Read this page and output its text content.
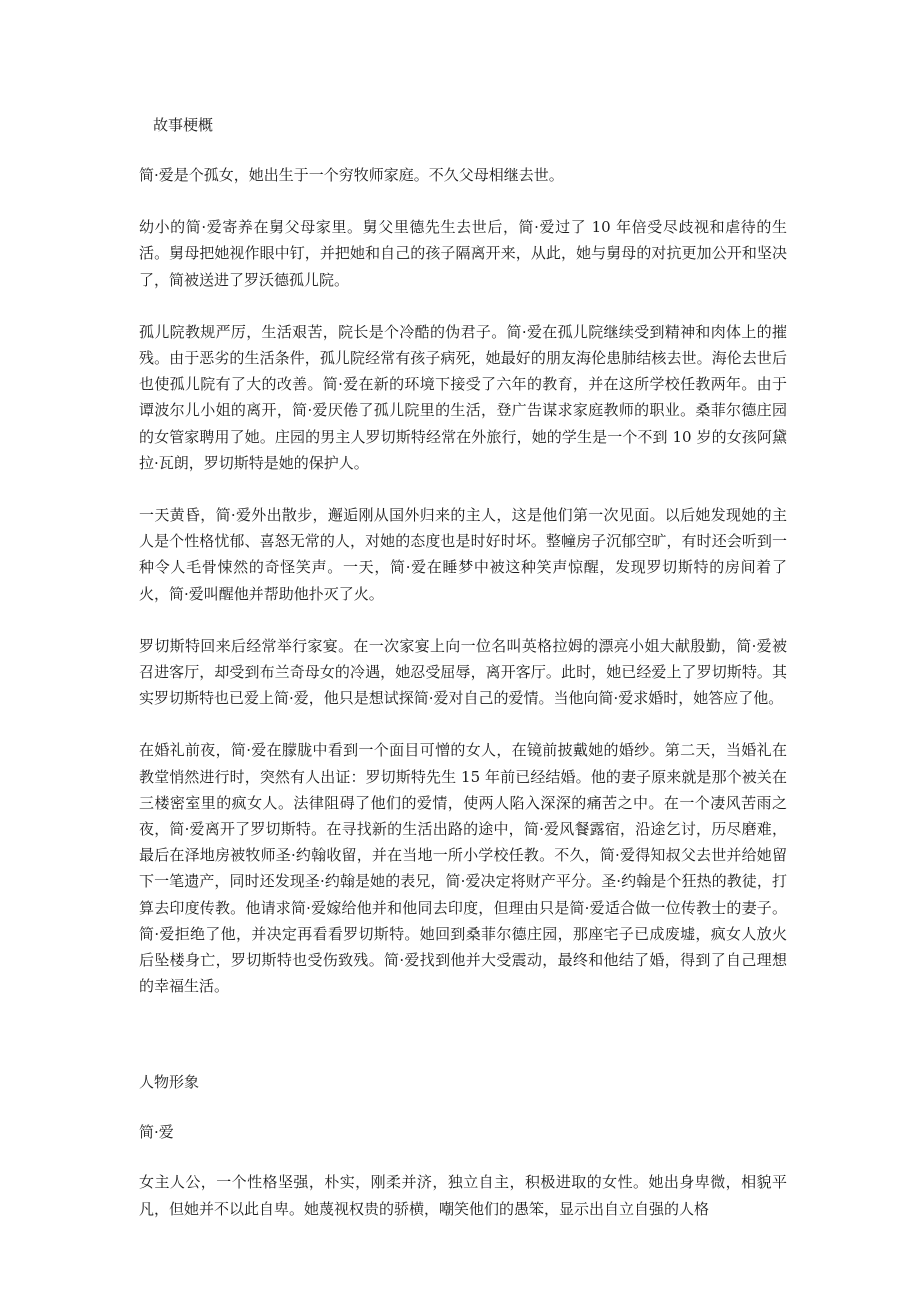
故事梗概

简·爱是个孤女，她出生于一个穷牧师家庭。不久父母相继去世。

幼小的简·爱寄养在舅父母家里。舅父里德先生去世后，简·爱过了 10 年倍受尽歧视和虐待的生活。舅母把她视作眼中钉，并把她和自己的孩子隔离开来，从此，她与舅母的对抗更加公开和坚决了，简被送进了罗沃德孤儿院。

孤儿院教规严厉，生活艰苦，院长是个冷酷的伪君子。简·爱在孤儿院继续受到精神和肉体上的摧残。由于恶劣的生活条件，孤儿院经常有孩子病死，她最好的朋友海伦患肺结核去世。海伦去世后也使孤儿院有了大的改善。简·爱在新的环境下接受了六年的教育，并在这所学校任教两年。由于谭波尔儿小姐的离开，简·爱厌倦了孤儿院里的生活，登广告谋求家庭教师的职业。桑菲尔德庄园的女管家聘用了她。庄园的男主人罗切斯特经常在外旅行，她的学生是一个不到 10 岁的女孩阿黛拉·瓦朗，罗切斯特是她的保护人。

一天黄昏，简·爱外出散步，邂逅刚从国外归来的主人，这是他们第一次见面。以后她发现她的主人是个性格忧郁、喜怒无常的人，对她的态度也是时好时坏。整幢房子沉郁空旷，有时还会听到一种令人毛骨悚然的奇怪笑声。一天，简·爱在睡梦中被这种笑声惊醒，发现罗切斯特的房间着了火，简·爱叫醒他并帮助他扑灭了火。

罗切斯特回来后经常举行家宴。在一次家宴上向一位名叫英格拉姆的漂亮小姐大献殷勤，简·爱被召进客厅，却受到布兰奇母女的冷遇，她忍受屈辱，离开客厅。此时，她已经爱上了罗切斯特。其实罗切斯特也已爱上简·爱，他只是想试探简·爱对自己的爱情。当他向简·爱求婚时，她答应了他。

在婚礼前夜，简·爱在朦胧中看到一个面目可憎的女人，在镜前披戴她的婚纱。第二天，当婚礼在教堂悄然进行时，突然有人出证：罗切斯特先生 15 年前已经结婚。他的妻子原来就是那个被关在三楼密室里的疯女人。法律阻碍了他们的爱情，使两人陷入深深的痛苦之中。在一个凄风苦雨之夜，简·爱离开了罗切斯特。在寻找新的生活出路的途中，简·爱风餐露宿，沿途乞讨，历尽磨难，最后在泽地房被牧师圣·约翰收留，并在当地一所小学校任教。不久，简·爱得知叔父去世并给她留下一笔遗产，同时还发现圣·约翰是她的表兄，简·爱决定将财产平分。圣·约翰是个狂热的教徒，打算去印度传教。他请求简·爱嫁给他并和他同去印度，但理由只是简·爱适合做一位传教士的妻子。简·爱拒绝了他，并决定再看看罗切斯特。她回到桑菲尔德庄园，那座宅子已成废墟，疯女人放火后坠楼身亡，罗切斯特也受伤致残。简·爱找到他并大受震动，最终和他结了婚，得到了自己理想的幸福生活。

人物形象

简·爱

女主人公，一个性格坚强，朴实，刚柔并济，独立自主，积极进取的女性。她出身卑微，相貌平凡，但她并不以此自卑。她蔑视权贵的骄横，嘲笑他们的愚笨，显示出自立自强的人格
